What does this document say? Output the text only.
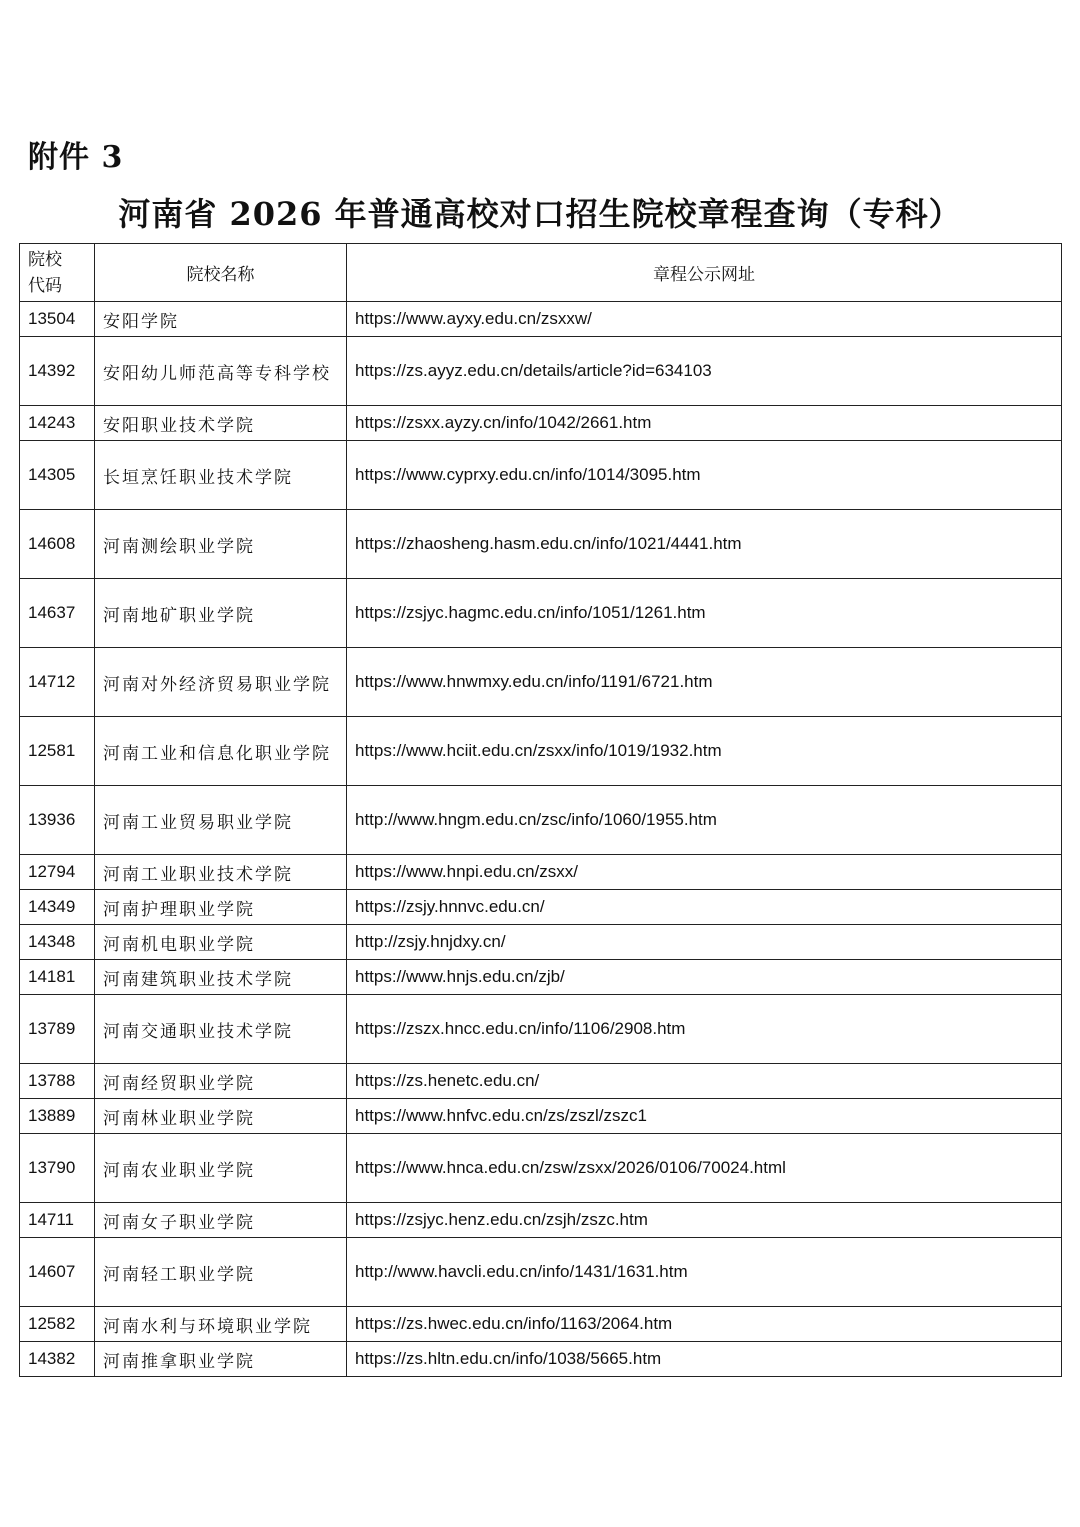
附件 3
河南省 2026 年普通高校对口招生院校章程查询（专科）
院校
代码	院校名称	章程公示网址
13504	安阳学院	https://www.ayxy.edu.cn/zsxxw/
14392	安阳幼儿师范高等专科学校	https://zs.ayyz.edu.cn/details/article?id=634103
14243	安阳职业技术学院	https://zsxx.ayzy.cn/info/1042/2661.htm
14305	长垣烹饪职业技术学院	https://www.cyprxy.edu.cn/info/1014/3095.htm
14608	河南测绘职业学院	https://zhaosheng.hasm.edu.cn/info/1021/4441.htm
14637	河南地矿职业学院	https://zsjyc.hagmc.edu.cn/info/1051/1261.htm
14712	河南对外经济贸易职业学院	https://www.hnwmxy.edu.cn/info/1191/6721.htm
12581	河南工业和信息化职业学院	https://www.hciit.edu.cn/zsxx/info/1019/1932.htm
13936	河南工业贸易职业学院	http://www.hngm.edu.cn/zsc/info/1060/1955.htm
12794	河南工业职业技术学院	https://www.hnpi.edu.cn/zsxx/
14349	河南护理职业学院	https://zsjy.hnnvc.edu.cn/
14348	河南机电职业学院	http://zsjy.hnjdxy.cn/
14181	河南建筑职业技术学院	https://www.hnjs.edu.cn/zjb/
13789	河南交通职业技术学院	https://zszx.hncc.edu.cn/info/1106/2908.htm
13788	河南经贸职业学院	https://zs.henetc.edu.cn/
13889	河南林业职业学院	https://www.hnfvc.edu.cn/zs/zszl/zszc1
13790	河南农业职业学院	https://www.hnca.edu.cn/zsw/zsxx/2026/0106/70024.html
14711	河南女子职业学院	https://zsjyc.henz.edu.cn/zsjh/zszc.htm
14607	河南轻工职业学院	http://www.havcli.edu.cn/info/1431/1631.htm
12582	河南水利与环境职业学院	https://zs.hwec.edu.cn/info/1163/2064.htm
14382	河南推拿职业学院	https://zs.hltn.edu.cn/info/1038/5665.htm
